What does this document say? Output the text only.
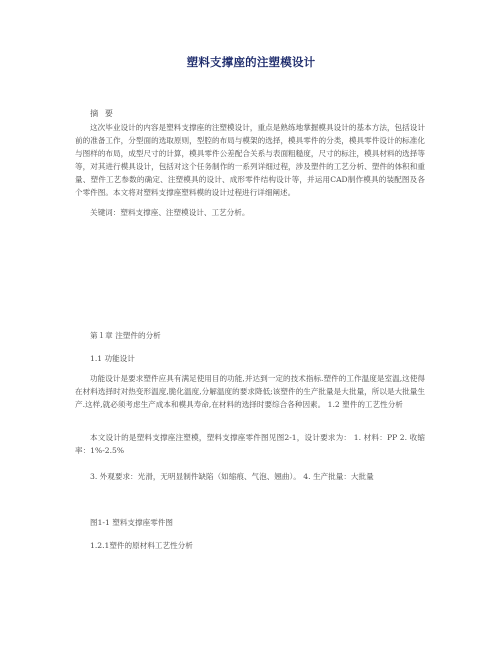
塑料支撑座的注塑模设计
摘 要
这次毕业设计的内容是塑料支撑座的注塑模设计，重点是熟练地掌握模具设计的基本方法，包括设计前的准备工作，分型面的选取原则，型腔的布局与模架的选择，模具零件的分类，模具零件设计的标准化与图样的布局，成型尺寸的计算，模具零件公差配合关系与表面粗糙度，尺寸的标注，模具材料的选择等等，对其进行模具设计，包括对这个任务制作的一系列详细过程，涉及塑件的工艺分析、塑件的体积和重量、塑件工艺参数的确定、注塑模具的设计、成形零件结构设计等，并运用CAD制作模具的装配图及各个零件图。本文将对塑料支撑座塑料模的设计过程进行详细阐述。
关键词：塑料支撑座、注塑模设计、工艺分析。
第１章 注塑件的分析
1.1 功能设计
功能设计是要求塑件应具有满足使用目的功能,并达到一定的技术指标.塑件的工作温度是室温,这使得在材料选择时对热变形温度,脆化温度,分解温度的要求降低;该塑件的生产批量是大批量，所以是大批量生产.这样,就必须考虑生产成本和模具寿命,在材料的选择时要综合各种因素。 1.2 塑件的工艺性分析
本文设计的是塑料支撑座注塑模，塑料支撑座零件图见图2-1，设计要求为： 1. 材料：PP 2. 收缩率：1%-2.5%
3. 外观要求：光滑，无明显制件缺陷（如缩痕、气泡、翘曲）。 4. 生产批量：大批量
图1-1 塑料支撑座零件图
1.2.1塑件的原材料工艺性分析
